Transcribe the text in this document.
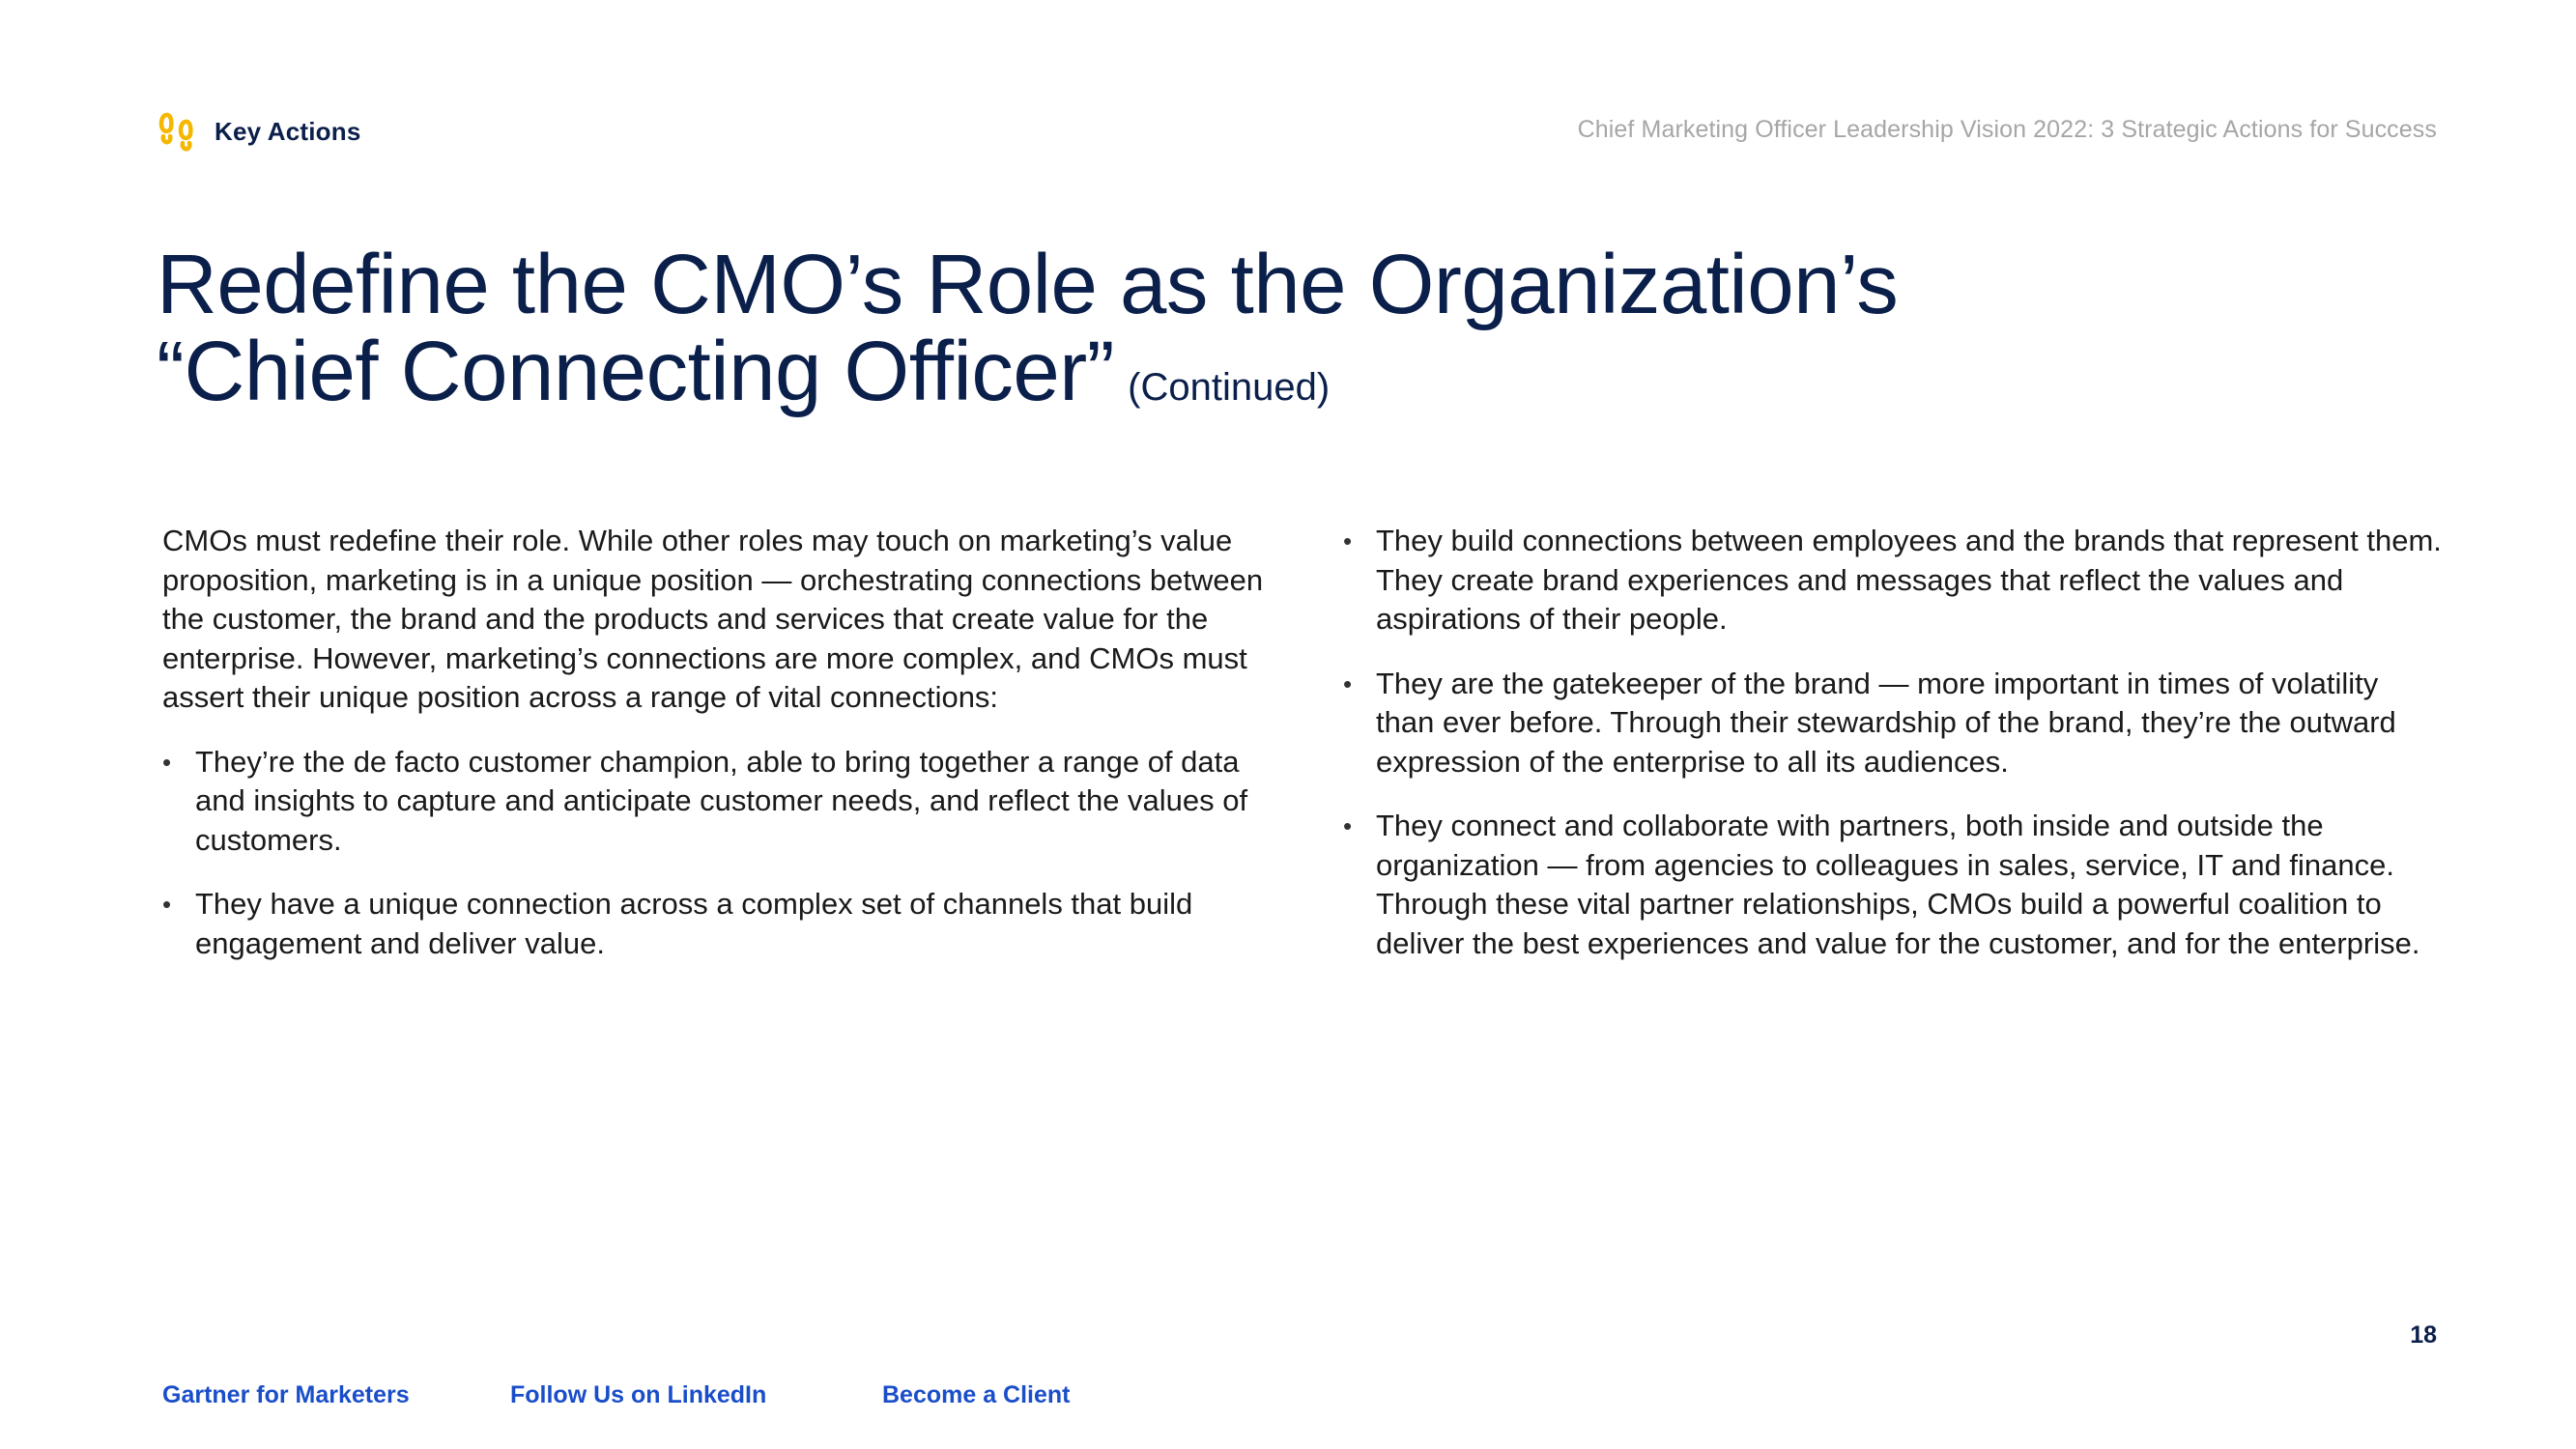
Key Actions	Chief Marketing Officer Leadership Vision 2022: 3 Strategic Actions for Success
Redefine the CMO’s Role as the Organization’s
“Chief Connecting Officer” (Continued)

CMOs must redefine their role. While other roles may touch on marketing’s value proposition, marketing is in a unique position — orchestrating connections between the customer, the brand and the products and services that create value for the enterprise. However, marketing’s connections are more complex, and CMOs must assert their unique position across a range of vital connections:

• They’re the de facto customer champion, able to bring together a range of data and insights to capture and anticipate customer needs, and reflect the values of customers.
• They have a unique connection across a complex set of channels that build engagement and deliver value.
• They build connections between employees and the brands that represent them. They create brand experiences and messages that reflect the values and aspirations of their people.
• They are the gatekeeper of the brand — more important in times of volatility than ever before. Through their stewardship of the brand, they’re the outward expression of the enterprise to all its audiences.
• They connect and collaborate with partners, both inside and outside the organization — from agencies to colleagues in sales, service, IT and finance. Through these vital partner relationships, CMOs build a powerful coalition to deliver the best experiences and value for the customer, and for the enterprise.
18
Gartner for Marketers	Follow Us on LinkedIn	Become a Client
